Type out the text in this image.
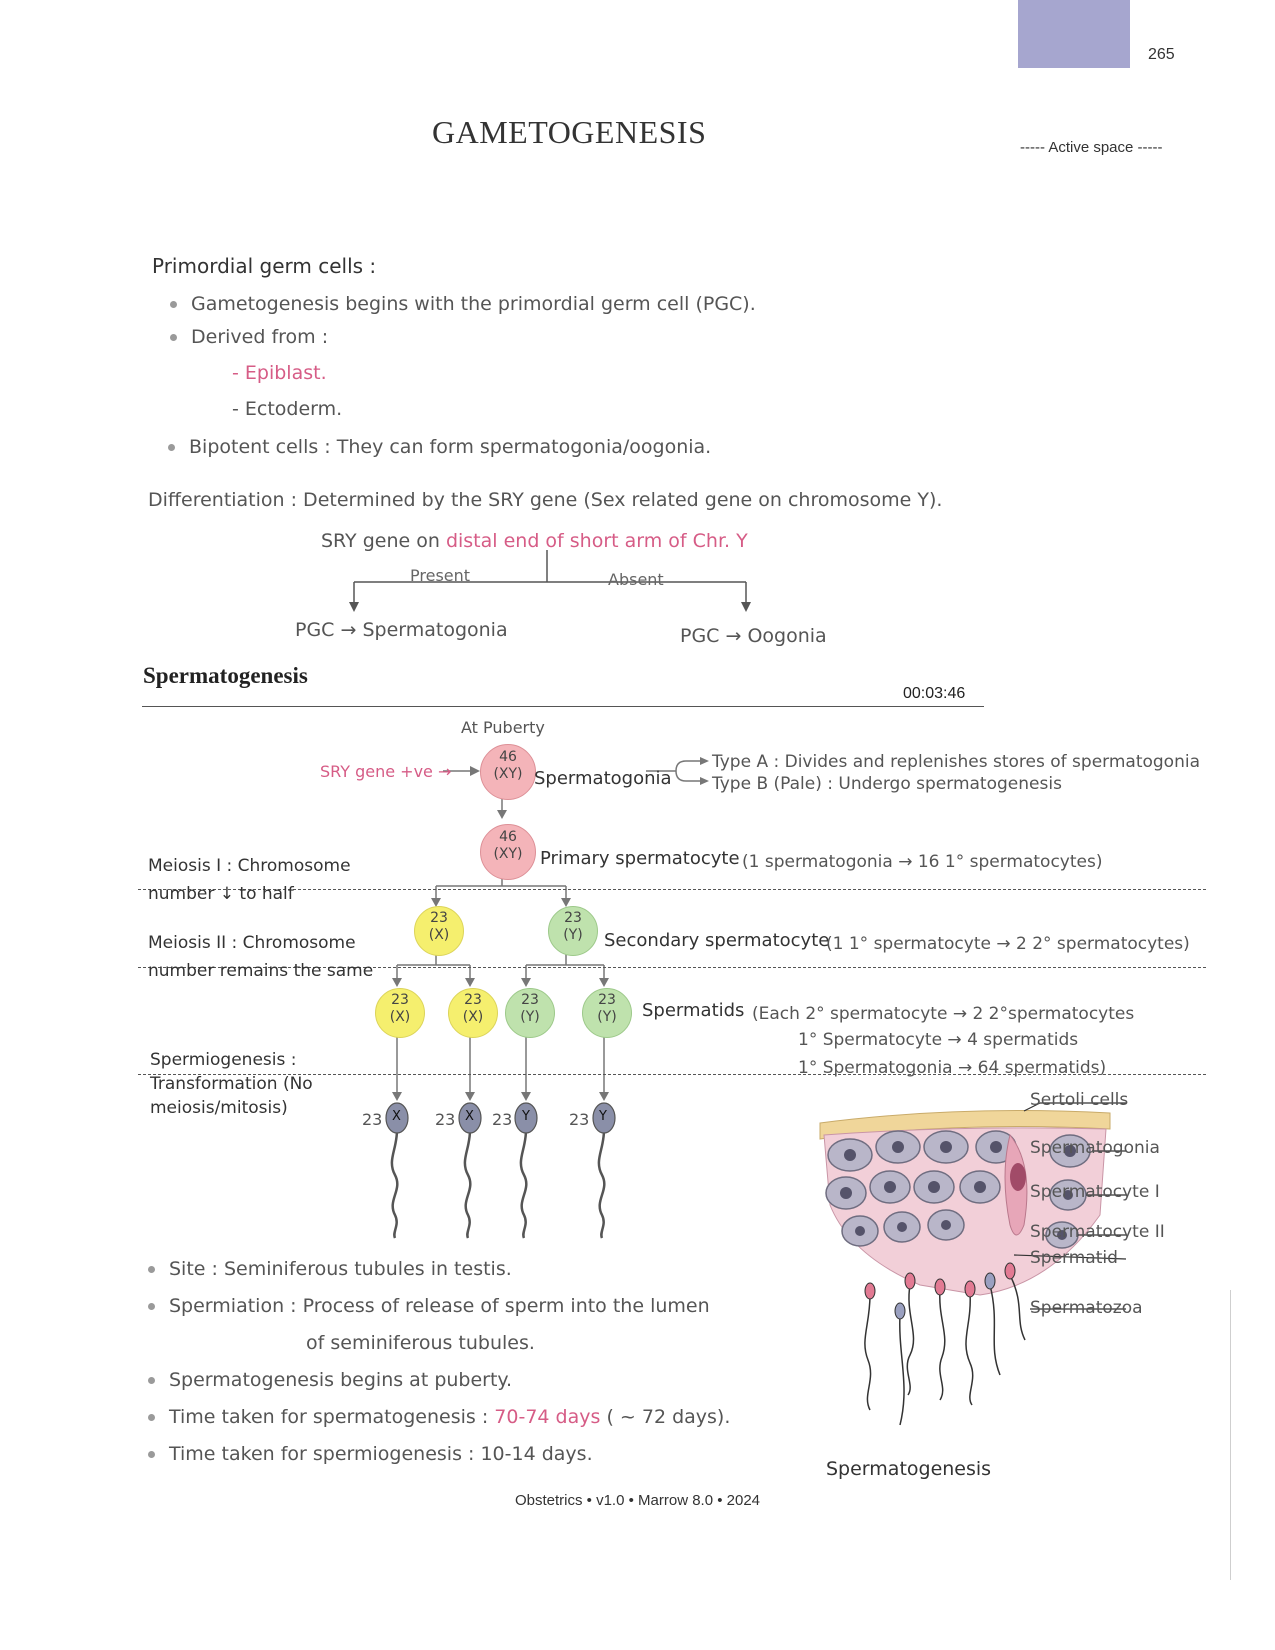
265
GAMETOGENESIS	----- Active space -----
Primordial germ cells :
Gametogenesis begins with the primordial germ cell (PGC).
Derived from :
- Epiblast.
- Ectoderm.
Bipotent cells : They can form spermatogonia/oogonia.
Differentiation : Determined by the SRY gene (Sex related gene on chromosome Y).
SRY gene on distal end of short arm of Chr. Y
Present	Absent
PGC → Spermatogonia	PGC → Oogonia
Spermatogenesis
00:03:46
Meiosis I : Chromosome
number ↓ to half
Meiosis II : Chromosome
number remains the same
Spermiogenesis :
Transformation (No
meiosis/mitosis)
At Puberty
SRY gene +ve →
46
(XY) Spermatogonia
Type A : Divides and replenishes stores of spermatogonia
Type B (Pale) : Undergo spermatogenesis
46
(XY) Primary spermatocyte (1 spermatogonia → 16 1° spermatocytes)
23
(X)
23
(Y)	Secondary spermatocyte
(1 1° spermatocyte → 2 2° spermatocytes)
23
(X)
23
(X)
23
(Y)
23
(Y)	Spermatids (Each 2° spermatocyte → 2 2°spermatocytes
1° Spermatocyte → 4 spermatids
1° Spermatogonia → 64 spermatids)
23 X 23 X 23 Y 23 Y
Sertoli cells
Spermatogonia
Spermatocyte I
Spermatocyte II
Spermatid
Spermatozoa
Spermatogenesis
Site : Seminiferous tubules in testis.
Spermiation : Process of release of sperm into the lumen
of seminiferous tubules.
Spermatogenesis begins at puberty.
Time taken for spermatogenesis : 70-74 days ( ~ 72 days).
Time taken for spermiogenesis : 10-14 days.
Obstetrics • v1.0 • Marrow 8.0 • 2024
